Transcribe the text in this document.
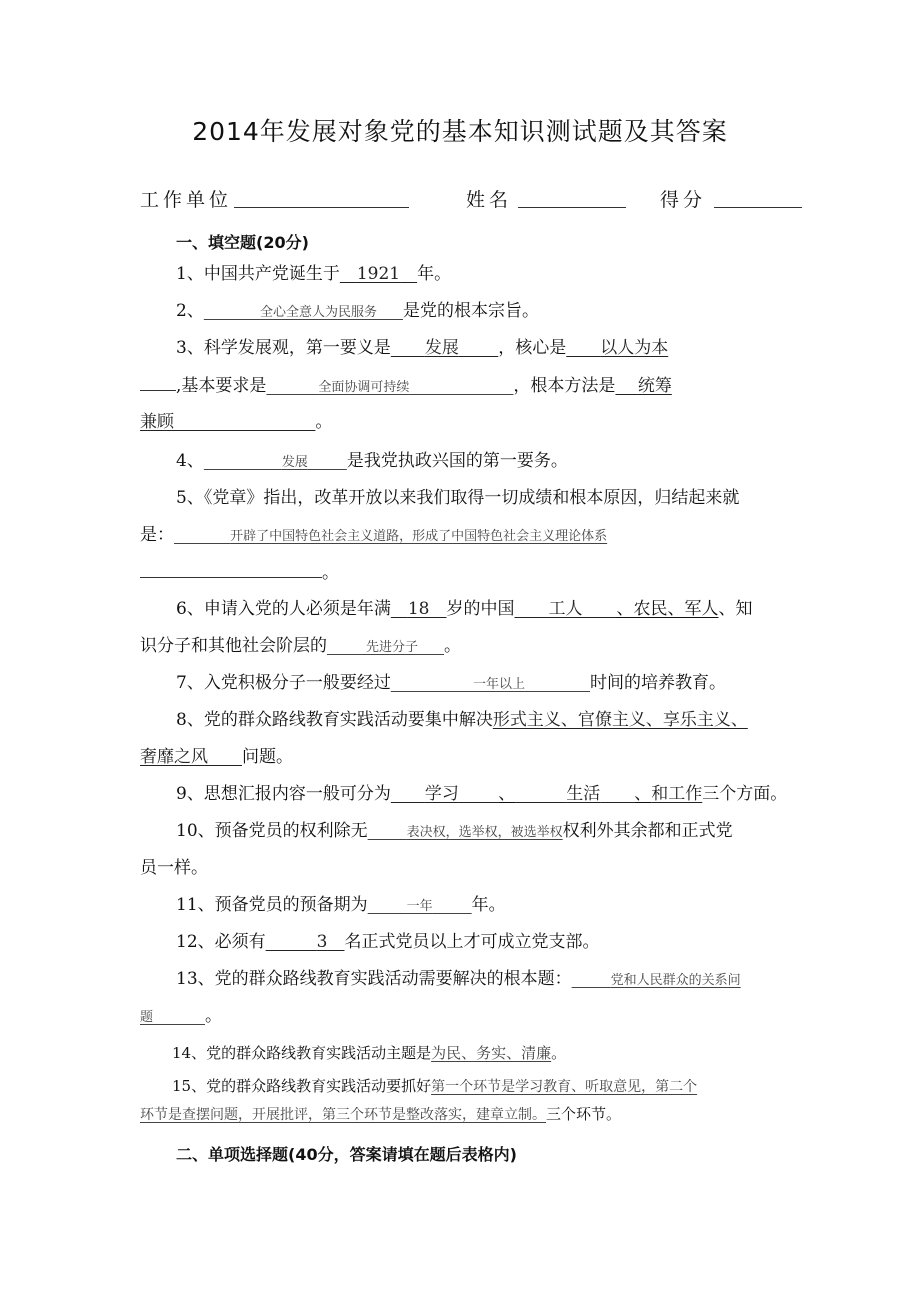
2014年发展对象党的基本知识测试题及其答案
工作单位	姓名	得分
一、填空题(20分)
1、中国共产党诞生于  1921  年。
2、    	全心全意人为民服务   是党的根本宗旨。
3、科学发展观，第一要义是   发展   ，核心是   以人为本
,基本要求是    	全面协调可持续        	，根本方法是  统筹
兼顾        	。
4、      	发展    是我党执政兴国的第一要务。
5、《党章》指出，改革开放以来我们取得一切成绩和根本原因，归结起来就
是：    	开辟了中国特色社会主义道路，形成了中国特色社会主义理论体系
。
6、申请入党的人必须是年满  18  岁的中国   工人   、农民、军人、知
识分子和其他社会阶层的   	先进分子   。
7、入党积极分子一般要经过      	一年以上     	时间的培养教育。
8、党的群众路线教育实践活动要集中解决形式主义、官僚主义、享乐主义、
奢靡之风   问题。
9、思想汇报内容一般可分为   学习   、   	生活   、和工作三个方面。
10、预备党员的权利除无   	表决权，选举权，被选举权权利外其余都和正式党
员一样。
11、预备党员的预备期为   	一年    年。
12、必须有   	3  名正式党员以上才可成立党支部。
13、党的群众路线教育实践活动需要解决的根本题：   	党和人民群众的关系问
题    	。
14、党的群众路线教育实践活动主题是为民、务实、清廉。
15、党的群众路线教育实践活动要抓好第一个环节是学习教育、听取意见，第二个
环节是查摆问题，开展批评，第三个环节是整改落实，建章立制。三个环节。
二、单项选择题(40分，答案请填在题后表格内)
